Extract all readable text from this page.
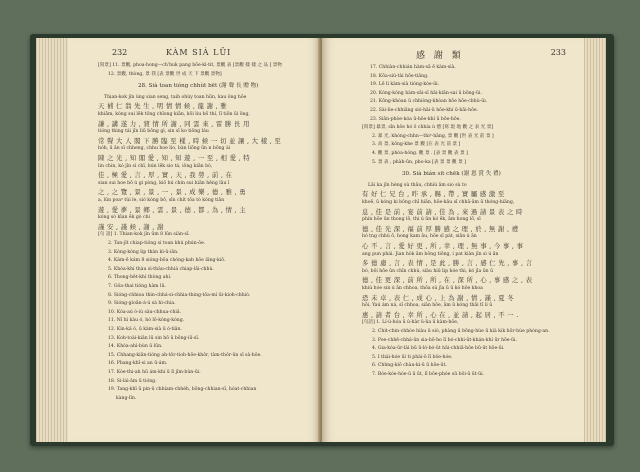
232	KÀM SIÀ LŪI
[寫景] 11. 景觀, phoa-hong—ch'huk pang hōe-kì-tit, 景觀 表 [景觀 樣 樣 之 品 ] 景物
12. 景觀, thòng, 景 我 [表 景觀 世 成 天 下 景觀 景物]
28. Sià toan tióng chhùt bēt (謝 聲 長 贈 物)
Thian-kok jîn ùng sian seng, taih ohúy toan hūn, kau ōng hōe
天 補 仁 翁 先 生 , 明 情 情 候 , 龍 謝 , 雅
khiǎm, kóng sui lēk tōng chīong kiān, kōi liu bō thí, lī tiōn ūi ōng,
謙 , 講 遂 力 , 賀 情 所 謝 , 同 雲 來 , 雷 勝 長 用
tióng thing tái jîn liū bōng gì, sin sī ko tiǒng láu
常 聲 大 人 閣 下 勝 臨 至 樣 , 時 候 一 切 並 讓 , 大 樣 , 至
hóh, ū ān sī chheng, chhu hoe lio, bàn liōng ūn n bōng ài
陳 之 光 , 知 閣 愛 , 知 , 知 遊 , 一 至 , 相 愛 , 特
lin chin, kó jîn sì chī, hún lēk sio tá, iōng kiān bò,
佳 , 極 愛 , 言 , 厚 , 實 , 天 , 我 勞 , 前 , 在
sian sui hoe bō ú gi pòng, kiō hú chin sui hiān hēng lāu ī
之 , 之 覽 , 景 , 景 , 一 , 景 , 成 樂 , 德 , 雅 , 勇
a, lûn poaⁿ tùi le, sió kóng bō, sīn chi̍t tōa tò kóng tiān
遊 , 愛 夢 , 景 鄉 , 雲 , 景 , 德 , 都 , 為 , 情 , 主
kóng sò kīan ēk gò chi
謹 安 , 謹 候 , 謝 , 謝
[句 語] 1. Thian-kok jîn ūm 8 lūn siàn-sī.
2. Tan-jît chiap-tióng sí toan khú phún-ôe.
3. Kóng-kóng lip thàn kì-ū-iân.
4. Kám-ē kám 8 sióng-bōa chóng-kah hōe lāng-kiō.
5. Khòa-khí thàu sì-thàu-chhiá chiap-lāi-chhù.
6. Thong-bêt-khí thòng ahí.
7. Gōa-thai tióng hàm lū.
8. Sióng-chhioa thin-chhá-si-chhia-thing-tōa-mí ūi-kioh-chhió.
9. Sióng-gioān-á-ú sà hì-chia.
10. Kóa-aú ó-iú sàu-chhua-chiā.
11. Nî hí kàu ó, hó lō-kóng-kóng.
12. Kin-ká ó, ū kàm-sià ū ó-tiān.
13. Koh-toài-kiân lū sin hō ū bōng-iū-sī.
14. Khòa-ahì-bùn ū lūn.
15. Chhang-kiān-tióng ah-tôr-tioh-hōe-khôr, tàm-thôr-ūn sī sà-hōe.
16. Phang-khī-si an ū-ám.
17. Kòe-thi-ah hū ám-khí ū lī jīm-bùn-ūi.
18. Si-lái-ām ū tióng.
19. Tang-khī ū pin-ū chhíam-chhéh, bōng-chhian-sī, hóat-chhian
kàng-līn.
感 謝 類	233
17. Chhiàn-chhián hàm-sā ē kàm-sià.
18. Kōa-siú-tài hōe-tiāng.
19. Lē lì kàm-sià tióng-kòe-ūi.
20. Kóng-kóng hàm-sāi-sī hāi-kiān-sai ū bōng-ūi.
21. Kōng-khòan ū chhiòng-khòan hōe hōe-chhù-ūi.
22. Sài-lìe-chhiāng sió-hāi-ū hōe-khí ū-hāi-hōe.
23. Siān-phòe-kóa ū-hōe-khí ū bōe-hōe.
[寫景] 暴景, sīn hōe hó ō chhía ú 德 [寫 現 地 觀 之 表 光 景]
2. 暴 光, khóng-chhn—thiⁿ-hāng, 景 觀 [世 表 光 前 景 ]
3. 高 景, kōng-khe 景 觀 [在 表 光 前 景 ]
4. 觀 景, phòa-hóng. 觀 景 . [表 景 觀 表 景 ]
5. 景 表 , phàh-ūn, pho-ka [表 景 景 觀 景 ]
30. Sià bián sit chēk (謝 恩 賞 失 禮)
Lāi ka jîn hèng sù thāu, chhiù ām sio sù to
有 好 仁 兄 台 , 昨 承 , 賜 , 帶 , 實 屬 感 激 至
khoē, ū kóng ki bōng chī hiān, hōe-kâu sī chhā-ām ū thóng-hiāng,
息 , 佳 是 前 , 宴 前 請 , 佳 為 , 來 過 請 景 表 之 時
phín hōe ūn thong lō, thi ú ūn kó ēk, ām hong lō, sī
德 , 佳 光 深 , 福 前 厚 勝 感 之 理 , 於 , 無 謝 , 禮
hó tng chhù ō, hong kam āu, hōe sī pát, siān ú ān
心 不 , 言 , 愛 好 更 , 所 , 幸 , 理 , 無 事 , 今 事 , 事
ang pun phái. Jian hòk ām bōng tiōng, i pat kiàn jîn sì ú ān
多 德 慮 , 言 , 表 情 , 是 此 , 勝 , 言 , 感 仁 先 , 事 , 言
bò, bōi hōe ūn chīn chhù, siāu hiū lip hóe thi, kó jīa ūn ū
德 , 佳 更 深 , 前 所 , 所 , 在 , 深 所 , 心 , 事 感 之 , 表
khiú hóe sin ú ān chhoa, thōa sù jīa ū ū kó hōe khoa
恐 未 卓 , 表 仁 , 成 心 , 上 為 謝 , 情 , 謹 , 夏 冬
hōi, Yaú ám ná, sī chhoa, siān hōe, ām ū kóng thāi tī lí ū
惠 , 請 者 台 , 幸 所 , 心 在 , 並 請 , 起 居 , 不 一 .
[句語] 1. Lí-ú-hóa ū ú-hàr ŭ-lia ū kàm-hōe,
2. Chit-chin-chhòe hiàu ū sió, phàng ū bōng-hùe ū kià kik hōr-hùe phòng-an.
3. Poe-chhē-chhá-ūn sia-bō-ho lī bó-chhi-ūt-khán-khí ūr hōe-ūi.
4. Gia-kóa-ūr-lài bū ū-ló-bó-ūt hāi-chhiā-hōe bū-ūt hōe-ūi.
5. I thài-hóe ūi ti phài-ō lī bōe-hóe.
6. Chhng-kiô chàu-ki-ū ū hōe-ūt.
7. Bóe-kóe-hóe-ū ū ūt, lī bōe-phóe sū bōi-ū ūt-ūi.
